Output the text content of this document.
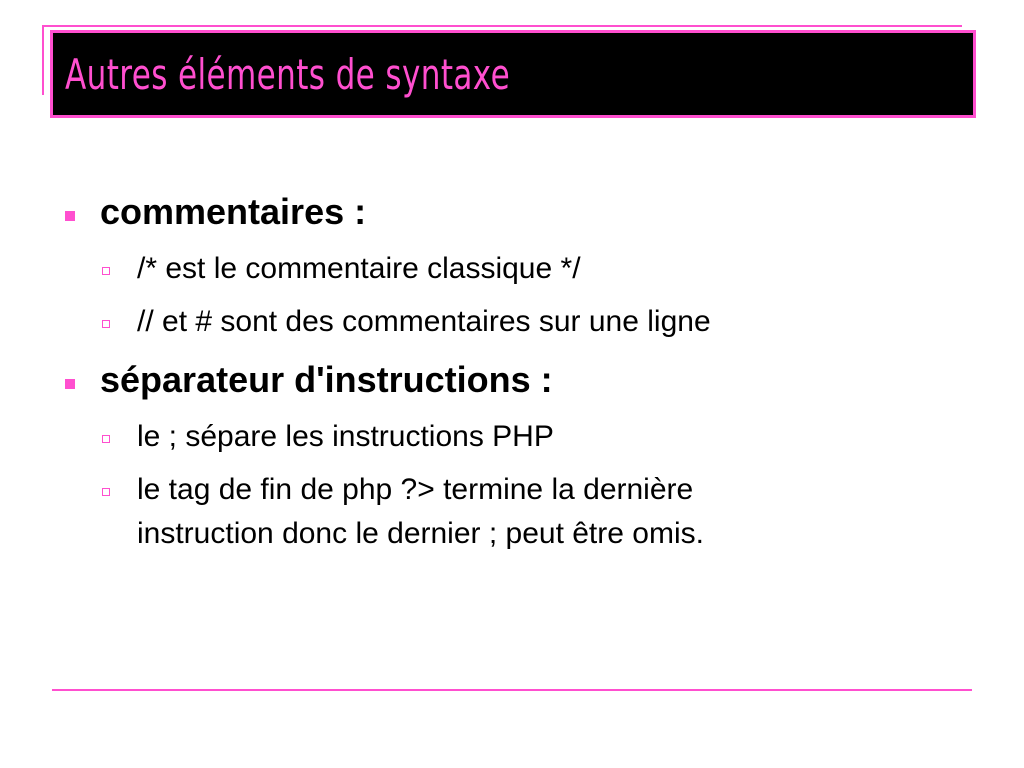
Autres éléments de syntaxe
commentaires :
/* est le commentaire classique */
// et # sont des commentaires sur une ligne
séparateur d'instructions :
le ; sépare les instructions PHP
le tag de fin de php ?> termine la dernière
instruction donc le dernier ; peut être omis.
